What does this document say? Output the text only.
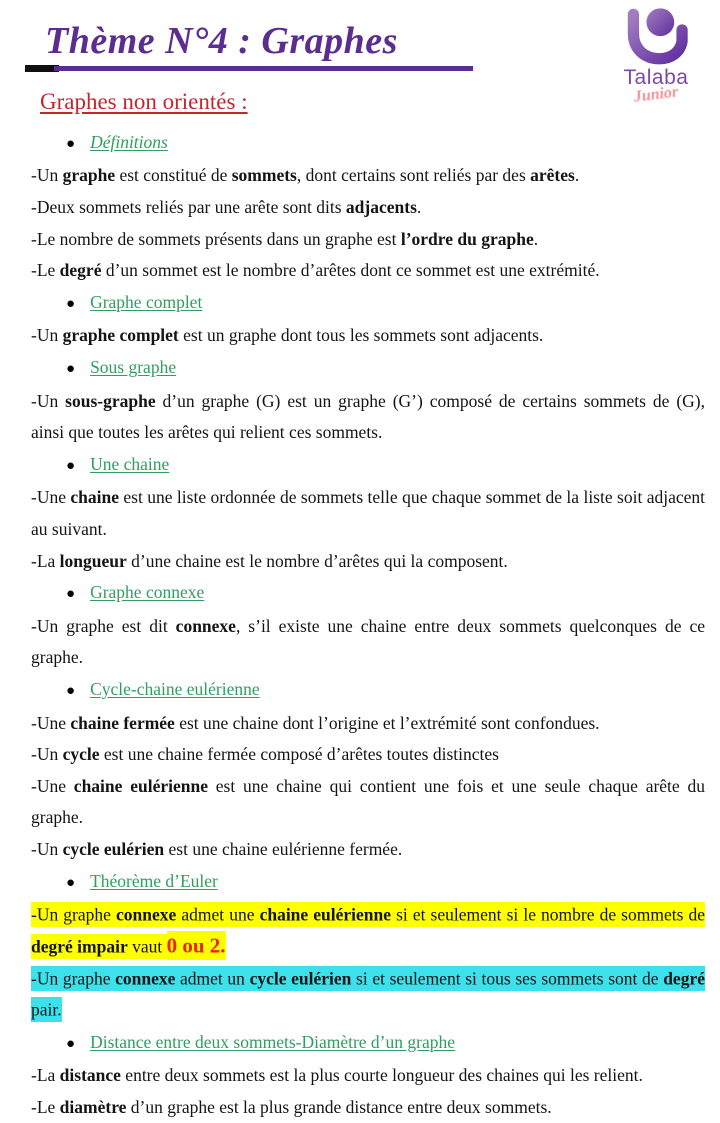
Thème N°4 : Graphes
Talaba
Junior
Graphes non orientés :
● Définitions

-Un graphe est constitué de sommets, dont certains sont reliés par des arêtes.

-Deux sommets reliés par une arête sont dits adjacents.

-Le nombre de sommets présents dans un graphe est l’ordre du graphe.

-Le degré d’un sommet est le nombre d’arêtes dont ce sommet est une extrémité.

● Graphe complet

-Un graphe complet est un graphe dont tous les sommets sont adjacents.

● Sous graphe

-Un sous-graphe d’un graphe (G) est un graphe (G’) composé de certains sommets de (G), ainsi que toutes les arêtes qui relient ces sommets.

● Une chaine

-Une chaine est une liste ordonnée de sommets telle que chaque sommet de la liste soit adjacent au suivant.

-La longueur d’une chaine est le nombre d’arêtes qui la composent.

● Graphe connexe

-Un graphe est dit connexe, s’il existe une chaine entre deux sommets quelconques de ce graphe.

● Cycle-chaine eulérienne

-Une chaine fermée est une chaine dont l’origine et l’extrémité sont confondues.

-Un cycle est une chaine fermée composé d’arêtes toutes distinctes

-Une chaine eulérienne est une chaine qui contient une fois et une seule chaque arête du graphe.

-Un cycle eulérien est une chaine eulérienne fermée.

● Théorème d’Euler

-Un graphe connexe admet une chaine eulérienne si et seulement si le nombre de sommets de degré impair vaut 0 ou 2.

-Un graphe connexe admet un cycle eulérien si et seulement si tous ses sommets sont de degré pair.

● Distance entre deux sommets-Diamètre d’un graphe

-La distance entre deux sommets est la plus courte longueur des chaines qui les relient.

-Le diamètre d’un graphe est la plus grande distance entre deux sommets.
